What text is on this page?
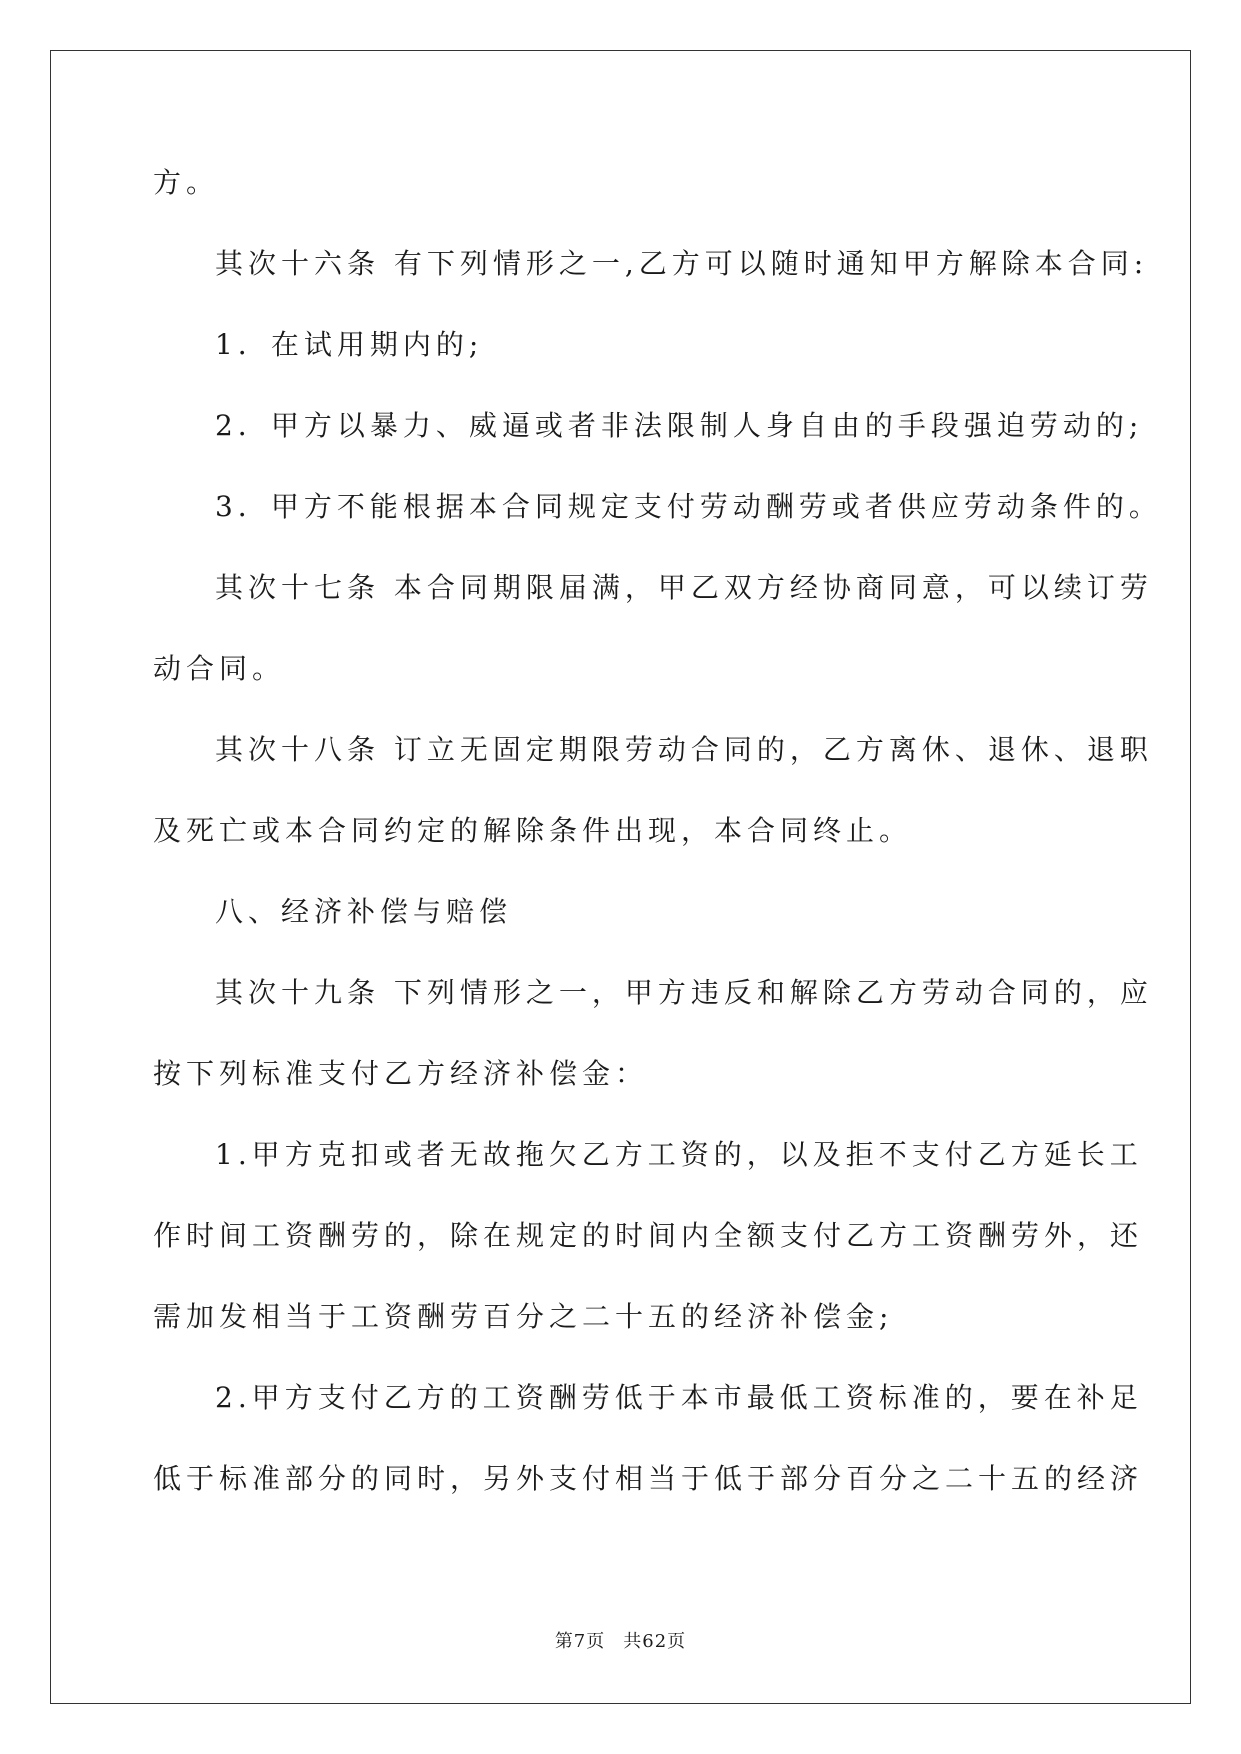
方。
其次十六条 有下列情形之一,乙方可以随时通知甲方解除本合同:
1．在试用期内的;
2．甲方以暴力、威逼或者非法限制人身自由的手段强迫劳动的;
3．甲方不能根据本合同规定支付劳动酬劳或者供应劳动条件的。
其次十七条 本合同期限届满，甲乙双方经协商同意，可以续订劳
动合同。
其次十八条 订立无固定期限劳动合同的，乙方离休、退休、退职
及死亡或本合同约定的解除条件出现，本合同终止。
八、经济补偿与赔偿
其次十九条 下列情形之一，甲方违反和解除乙方劳动合同的，应
按下列标准支付乙方经济补偿金：
1.甲方克扣或者无故拖欠乙方工资的，以及拒不支付乙方延长工
作时间工资酬劳的，除在规定的时间内全额支付乙方工资酬劳外，还
需加发相当于工资酬劳百分之二十五的经济补偿金;
2.甲方支付乙方的工资酬劳低于本市最低工资标准的，要在补足
低于标准部分的同时，另外支付相当于低于部分百分之二十五的经济
第7页 共62页
